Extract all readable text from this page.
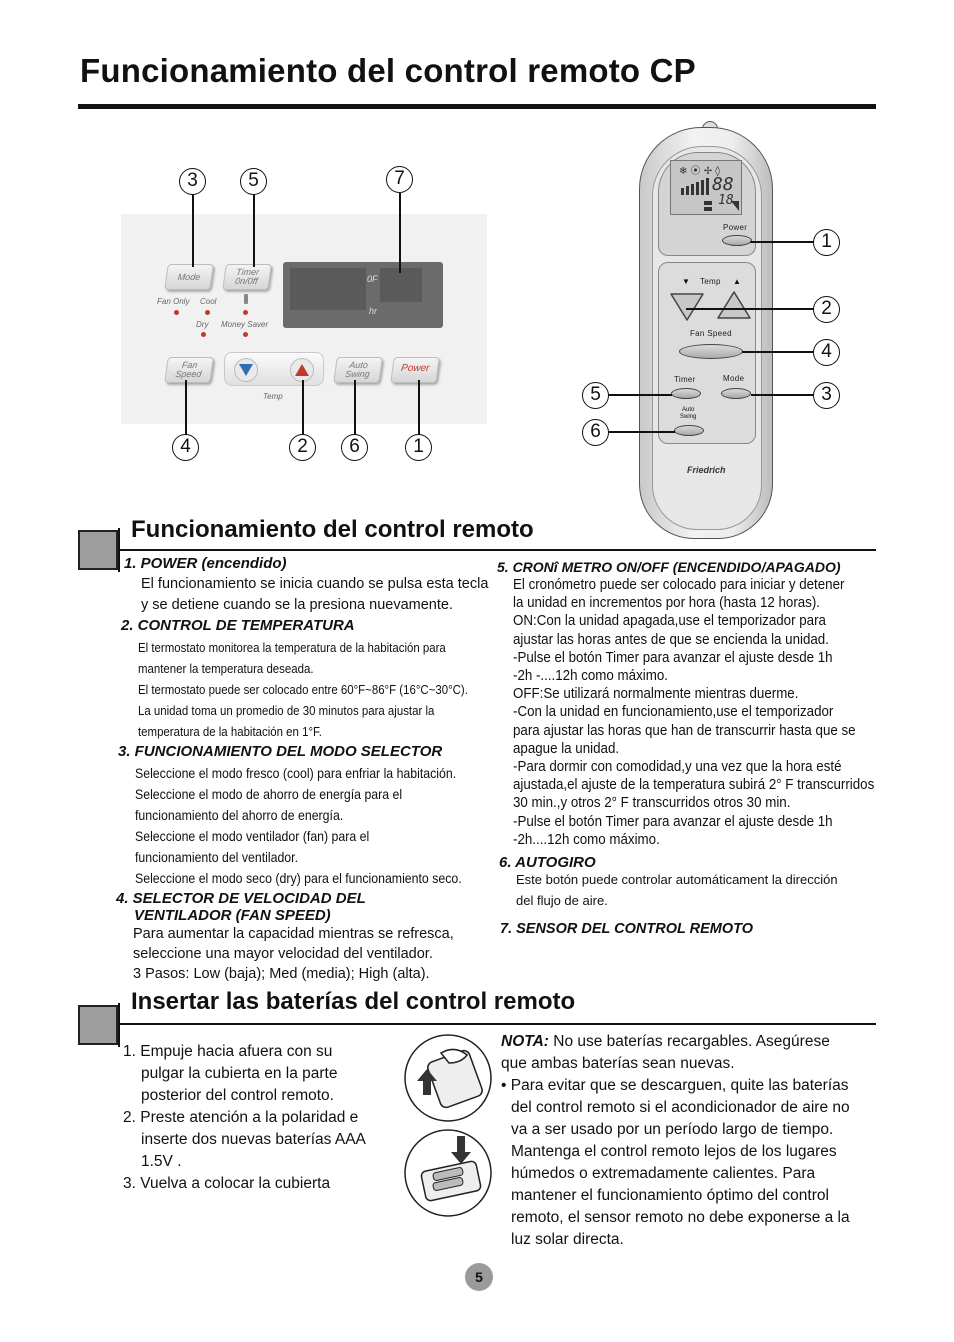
Funcionamiento del control remoto CP
Mode	Timer
0n/0ff
Fan Only Cool
Dry Money Saver
0F
hr
Fan
Speed
Temp
Auto
Swing	Power
3	5	7
4	2	6	1
❄ ⦿ ✢ ◊
88
18
Power
▼ Temp ▲
Fan Speed
Timer	Mode
Auto
Swing
Friedrich
1
2
4
3
5
6
Funcionamiento del control remoto
1. POWER (encendido)
El funcionamiento se inicia cuando se pulsa esta tecla
y se detiene cuando se la presiona nuevamente.
2. CONTROL DE TEMPERATURA
El termostato monitorea la temperatura de la habitación para
mantener la temperatura deseada.
El termostato puede ser colocado entre 60°F~86°F (16°C~30°C).
La unidad toma un promedio de 30 minutos para ajustar la
temperatura de la habitación en 1°F.
3. FUNCIONAMIENTO DEL MODO SELECTOR
Seleccione el modo fresco (cool) para enfriar la habitación.
Seleccione el modo de ahorro de energía para el
funcionamiento del ahorro de energía.
Seleccione el modo ventilador (fan) para el
funcionamiento del ventilador.
Seleccione el modo seco (dry) para el funcionamiento seco.
4. SELECTOR DE VELOCIDAD DEL
VENTILADOR (FAN SPEED)
Para aumentar la capacidad mientras se refresca,
seleccione una mayor velocidad del ventilador.
3 Pasos: Low (baja); Med (media); High (alta).
5. CRONî METRO ON/OFF (ENCENDIDO/APAGADO)
El cronómetro puede ser colocado para iniciar y detener
la unidad en incrementos por hora (hasta 12 horas).
ON:Con la unidad apagada,use el temporizador para
ajustar las horas antes de que se encienda la unidad.
-Pulse el botón Timer para avanzar el ajuste desde 1h
-2h -....12h como máximo.
OFF:Se utilizará normalmente mientras duerme.
-Con la unidad en funcionamiento,use el temporizador
para ajustar las horas que han de transcurrir hasta que se
apague la unidad.
-Para dormir con comodidad,y una vez que la hora esté
ajustada,el ajuste de la temperatura subirá 2° F transcurridos
30 min.,y otros 2° F transcurridos otros 30 min.
-Pulse el botón Timer para avanzar el ajuste desde 1h
-2h....12h como máximo.
6. AUTOGIRO
Este botón puede controlar automáticament la dirección
del flujo de aire.
7. SENSOR DEL CONTROL REMOTO
Insertar las baterías del control remoto
1. Empuje hacia afuera con su
pulgar la cubierta en la parte
posterior del control remoto.
2. Preste atención a la polaridad e
inserte dos nuevas baterías AAA
1.5V .
3. Vuelva a colocar la cubierta
NOTA: No use baterías recargables. Asegúrese
que ambas baterías sean nuevas.
• Para evitar que se descarguen, quite las baterías
del control remoto si el acondicionador de aire no
va a ser usado por un período largo de tiempo.
Mantenga el control remoto lejos de los lugares
húmedos o extremadamente calientes. Para
mantener el funcionamiento óptimo del control
remoto, el sensor remoto no debe exponerse a la
luz solar directa.
5
